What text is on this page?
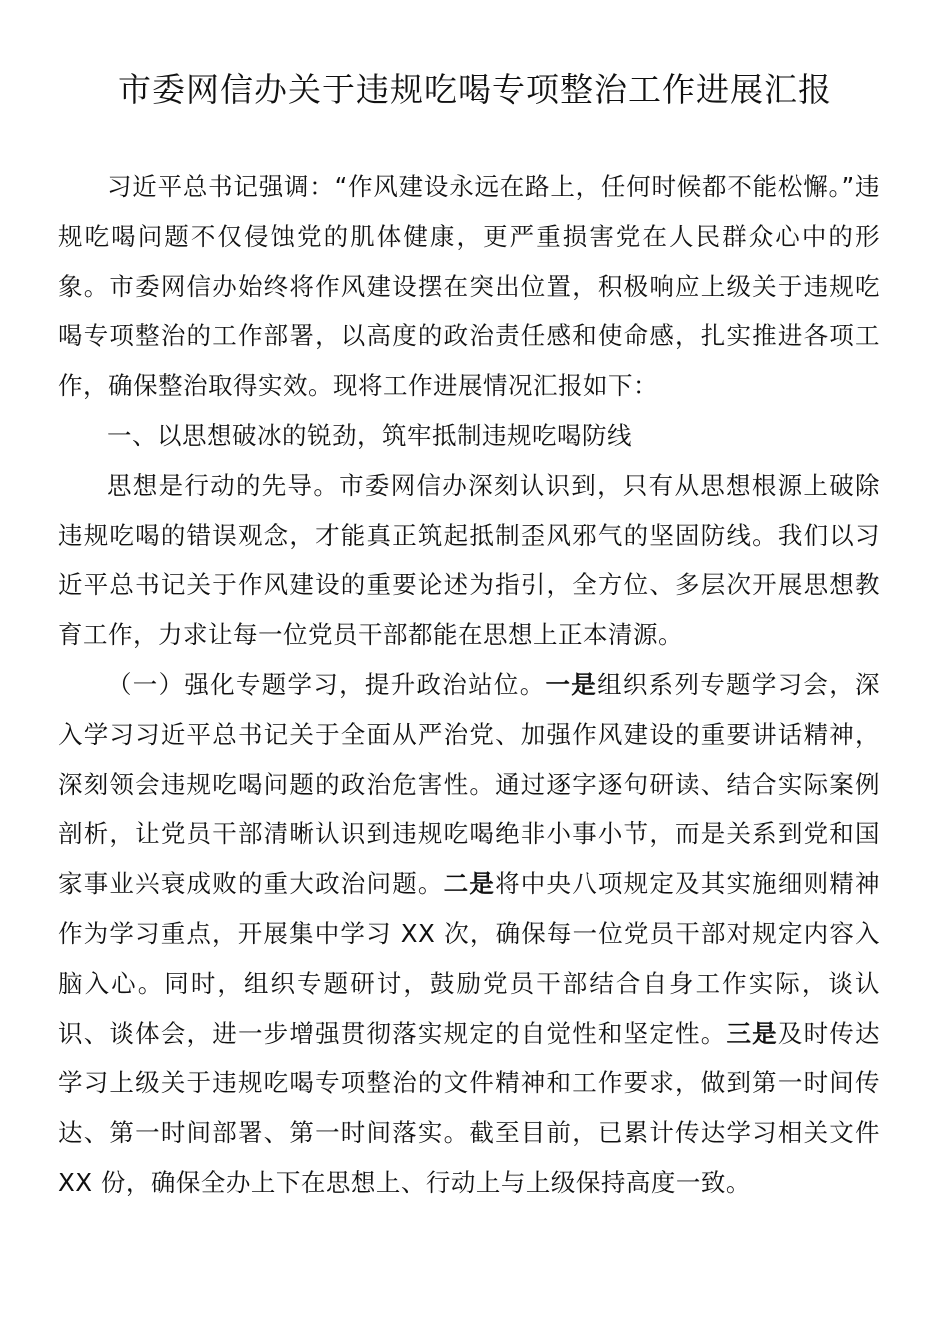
市委网信办关于违规吃喝专项整治工作进展汇报

习近平总书记强调：“作风建设永远在路上，任何时候都不能松懈。”违规吃喝问题不仅侵蚀党的肌体健康，更严重损害党在人民群众心中的形象。市委网信办始终将作风建设摆在突出位置，积极响应上级关于违规吃喝专项整治的工作部署，以高度的政治责任感和使命感，扎实推进各项工作，确保整治取得实效。现将工作进展情况汇报如下：

一、以思想破冰的锐劲，筑牢抵制违规吃喝防线

思想是行动的先导。市委网信办深刻认识到，只有从思想根源上破除违规吃喝的错误观念，才能真正筑起抵制歪风邪气的坚固防线。我们以习近平总书记关于作风建设的重要论述为指引，全方位、多层次开展思想教育工作，力求让每一位党员干部都能在思想上正本清源。

（一）强化专题学习，提升政治站位。一是组织系列专题学习会，深入学习习近平总书记关于全面从严治党、加强作风建设的重要讲话精神，深刻领会违规吃喝问题的政治危害性。通过逐字逐句研读、结合实际案例剖析，让党员干部清晰认识到违规吃喝绝非小事小节，而是关系到党和国家事业兴衰成败的重大政治问题。二是将中央八项规定及其实施细则精神作为学习重点，开展集中学习 XX 次，确保每一位党员干部对规定内容入脑入心。同时，组织专题研讨，鼓励党员干部结合自身工作实际，谈认识、谈体会，进一步增强贯彻落实规定的自觉性和坚定性。三是及时传达学习上级关于违规吃喝专项整治的文件精神和工作要求，做到第一时间传达、第一时间部署、第一时间落实。截至目前，已累计传达学习相关文件 XX 份，确保全办上下在思想上、行动上与上级保持高度一致。
